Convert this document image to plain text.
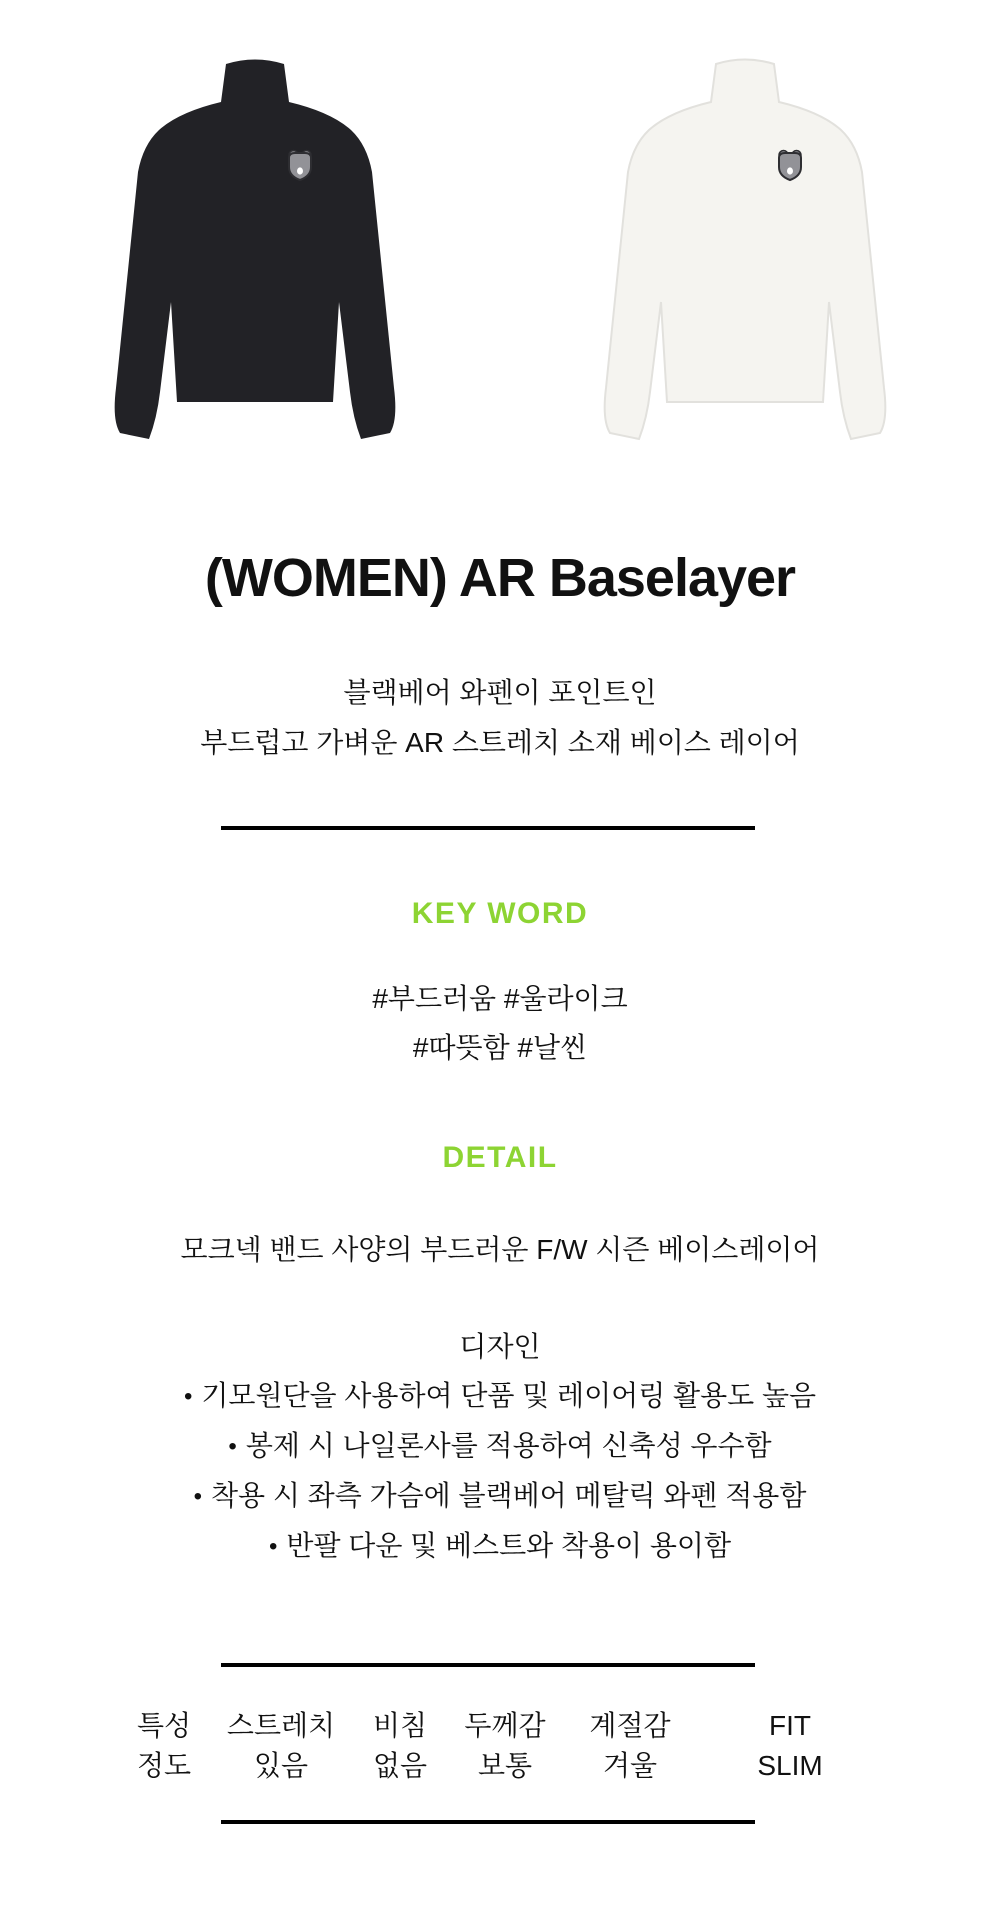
(WOMEN) AR Baselayer
블랙베어 와펜이 포인트인
부드럽고 가벼운 AR 스트레치 소재 베이스 레이어
KEY WORD
#부드러움 #울라이크
#따뜻함 #날씬
DETAIL
모크넥 밴드 사양의 부드러운 F/W 시즌 베이스레이어
디자인
• 기모원단을 사용하여 단품 및 레이어링 활용도 높음
• 봉제 시 나일론사를 적용하여 신축성 우수함
• 착용 시 좌측 가슴에 블랙베어 메탈릭 와펜 적용함
• 반팔 다운 및 베스트와 착용이 용이함
특성
정도
스트레치
있음
비침
없음
두께감
보통
계절감
겨울
FIT
SLIM
